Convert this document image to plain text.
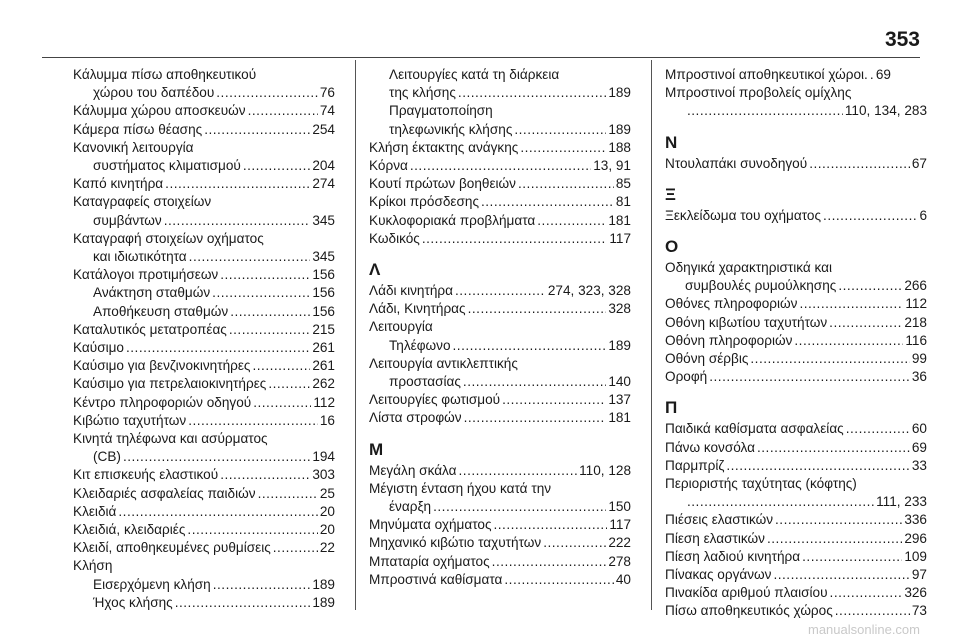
353
Κάλυμμα πίσω αποθηκευτικού
χώρου του δαπέδου .....	76
Κάλυμμα χώρου αποσκευών .....	74
Κάμερα πίσω θέασης .....	254
Κανονική λειτουργία
συστήματος κλιματισμού .....	204
Καπό κινητήρα .....	274
Καταγραφείς στοιχείων
συμβάντων .....	345
Καταγραφή στοιχείων οχήματος
και ιδιωτικότητα .....	345
Κατάλογοι προτιμήσεων .....	156
Ανάκτηση σταθμών .....	156
Αποθήκευση σταθμών .....	156
Καταλυτικός μετατροπέας .....	215
Καύσιμο .....	261
Καύσιμο για βενζινοκινητήρες .....	261
Καύσιμο για πετρελαιοκινητήρες .....	262
Κέντρο πληροφοριών οδηγού .....	112
Κιβώτιο ταχυτήτων .....	16
Κινητά τηλέφωνα και ασύρματος
(CB) .....	194
Κιτ επισκευής ελαστικού .....	303
Κλειδαριές ασφαλείας παιδιών .....	25
Κλειδιά .....	20
Κλειδιά, κλειδαριές .....	20
Κλειδί, αποθηκευμένες ρυθμίσεις .....	22
Κλήση
Εισερχόμενη κλήση .....	189
Ήχος κλήσης .....	189
Λειτουργίες κατά τη διάρκεια
της κλήσης .....	189
Πραγματοποίηση
τηλεφωνικής κλήσης .....	189
Κλήση έκτακτης ανάγκης .....	188
Κόρνα .....	13, 91
Κουτί πρώτων βοηθειών .....	85
Κρίκοι πρόσδεσης .....	81
Κυκλοφοριακά προβλήματα .....	181
Κωδικός .....	117
Λ
Λάδι κινητήρα .....	274, 323, 328
Λάδι, Κινητήρας .....	328
Λειτουργία
Τηλέφωνο .....	189
Λειτουργία αντικλεπτικής
προστασίας .....	140
Λειτουργίες φωτισμού .....	137
Λίστα στροφών .....	181
Μ
Μεγάλη σκάλα .....	110, 128
Μέγιστη ένταση ήχου κατά την
έναρξη .....	150
Μηνύματα οχήματος .....	117
Μηχανικό κιβώτιο ταχυτήτων .....	222
Μπαταρία οχήματος .....	278
Μπροστινά καθίσματα .....	40
Μπροστινοί αποθηκευτικοί χώροι. ..... 69
Μπροστινοί προβολείς ομίχλης
.....
110, 134, 283
Ν
Ντουλαπάκι συνοδηγού .....	67
Ξ
Ξεκλείδωμα του οχήματος .....	6
Ο
Οδηγικά χαρακτηριστικά και
συμβουλές ρυμούλκησης .....	266
Οθόνες πληροφοριών .....	112
Οθόνη κιβωτίου ταχυτήτων .....	218
Οθόνη πληροφοριών .....	116
Οθόνη σέρβις .....	99
Οροφή .....	36
Π
Παιδικά καθίσματα ασφαλείας .....	60
Πάνω κονσόλα .....	69
Παρμπρίζ .....	33
Περιοριστής ταχύτητας (κόφτης)
.....
111, 233
Πιέσεις ελαστικών .....	336
Πίεση ελαστικών .....	296
Πίεση λαδιού κινητήρα .....	109
Πίνακας οργάνων .....	97
Πινακίδα αριθμού πλαισίου .....	326
Πίσω αποθηκευτικός χώρος .....	73
manualsonline.com
